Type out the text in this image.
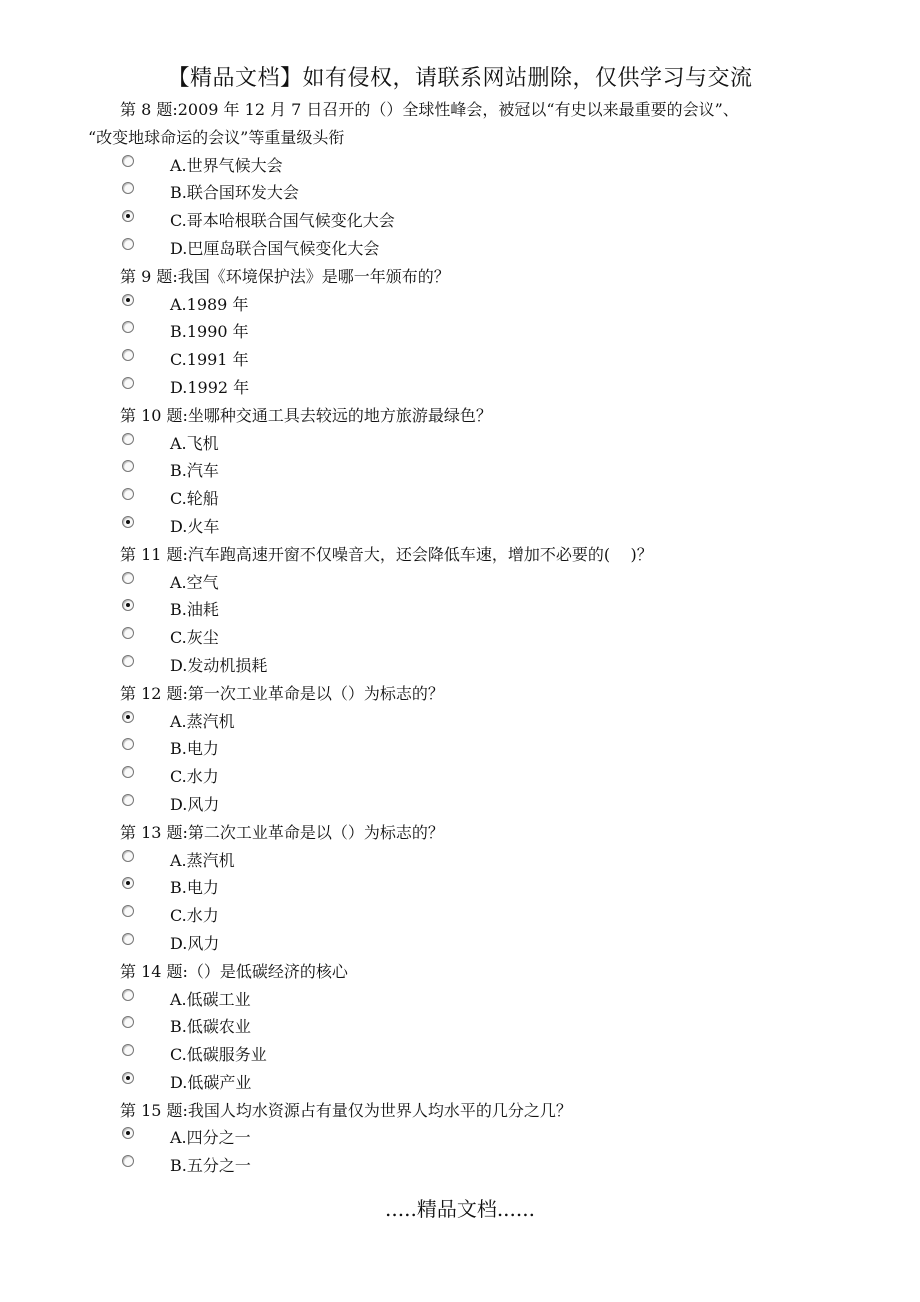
【精品文档】如有侵权，请联系网站删除，仅供学习与交流
第 8 题:2009 年 12 月 7 日召开的（）全球性峰会，被冠以“有史以来最重要的会议”、
“改变地球命运的会议”等重量级头衔
A.世界气候大会
B.联合国环发大会
C.哥本哈根联合国气候变化大会
D.巴厘岛联合国气候变化大会
第 9 题:我国《环境保护法》是哪一年颁布的？
A.1989 年
B.1990 年
C.1991 年
D.1992 年
第 10 题:坐哪种交通工具去较远的地方旅游最绿色？
A.飞机
B.汽车
C.轮船
D.火车
第 11 题:汽车跑高速开窗不仅噪音大，还会降低车速，增加不必要的(    )？
A.空气
B.油耗
C.灰尘
D.发动机损耗
第 12 题:第一次工业革命是以（）为标志的？
A.蒸汽机
B.电力
C.水力
D.风力
第 13 题:第二次工业革命是以（）为标志的？
A.蒸汽机
B.电力
C.水力
D.风力
第 14 题:（）是低碳经济的核心
A.低碳工业
B.低碳农业
C.低碳服务业
D.低碳产业
第 15 题:我国人均水资源占有量仅为世界人均水平的几分之几？
A.四分之一
B.五分之一
.....精品文档......
